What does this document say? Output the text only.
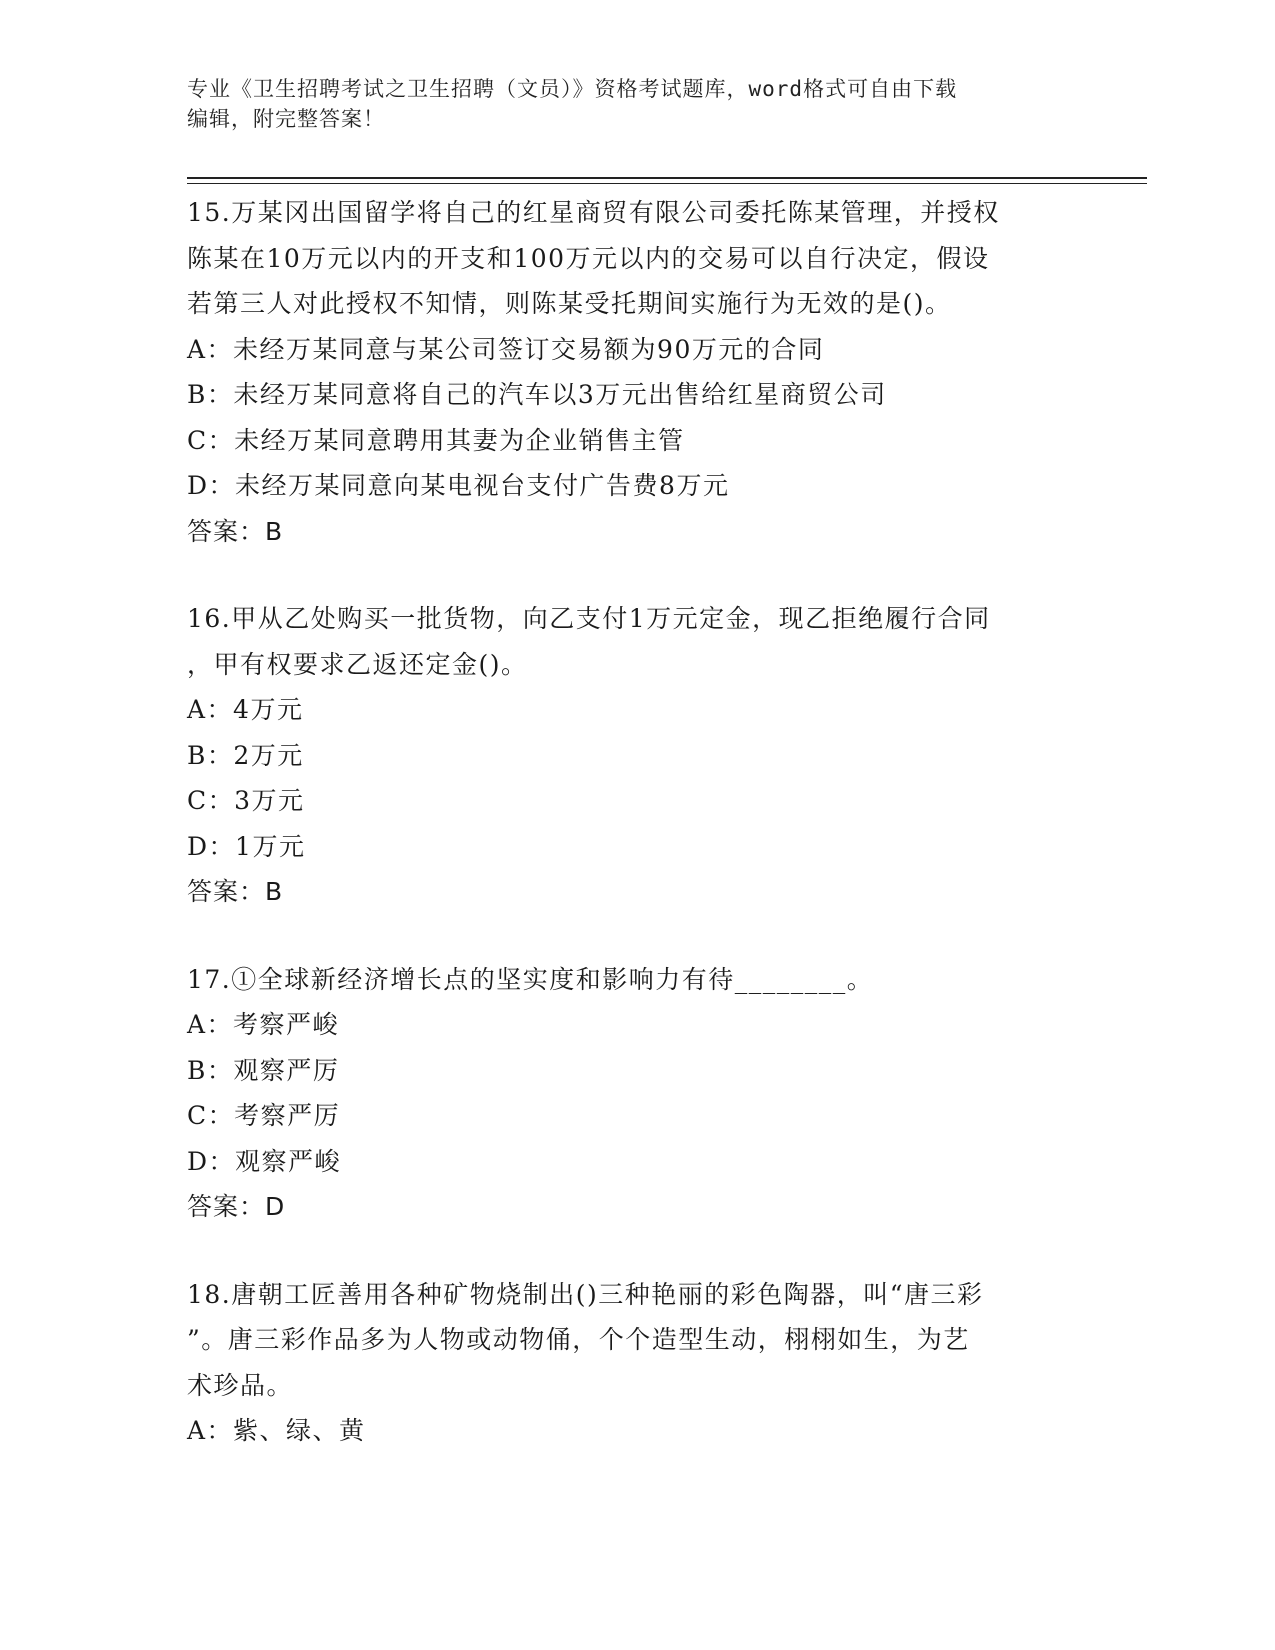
专业《卫生招聘考试之卫生招聘（文员）》资格考试题库，word格式可自由下载
编辑，附完整答案！
15.万某冈出国留学将自己的红星商贸有限公司委托陈某管理，并授权
陈某在10万元以内的开支和100万元以内的交易可以自行决定，假设
若第三人对此授权不知情，则陈某受托期间实施行为无效的是()。
A：未经万某同意与某公司签订交易额为90万元的合同
B：未经万某同意将自己的汽车以3万元出售给红星商贸公司
C：未经万某同意聘用其妻为企业销售主管
D：未经万某同意向某电视台支付广告费8万元
答案：B
16.甲从乙处购买一批货物，向乙支付1万元定金，现乙拒绝履行合同
，甲有权要求乙返还定金()。
A：4万元
B：2万元
C：3万元
D：1万元
答案：B
17.①全球新经济增长点的坚实度和影响力有待________。
A：考察严峻
B：观察严厉
C：考察严厉
D：观察严峻
答案：D
18.唐朝工匠善用各种矿物烧制出()三种艳丽的彩色陶器，叫“唐三彩
”。唐三彩作品多为人物或动物俑，个个造型生动，栩栩如生，为艺
术珍品。
A：紫、绿、黄
